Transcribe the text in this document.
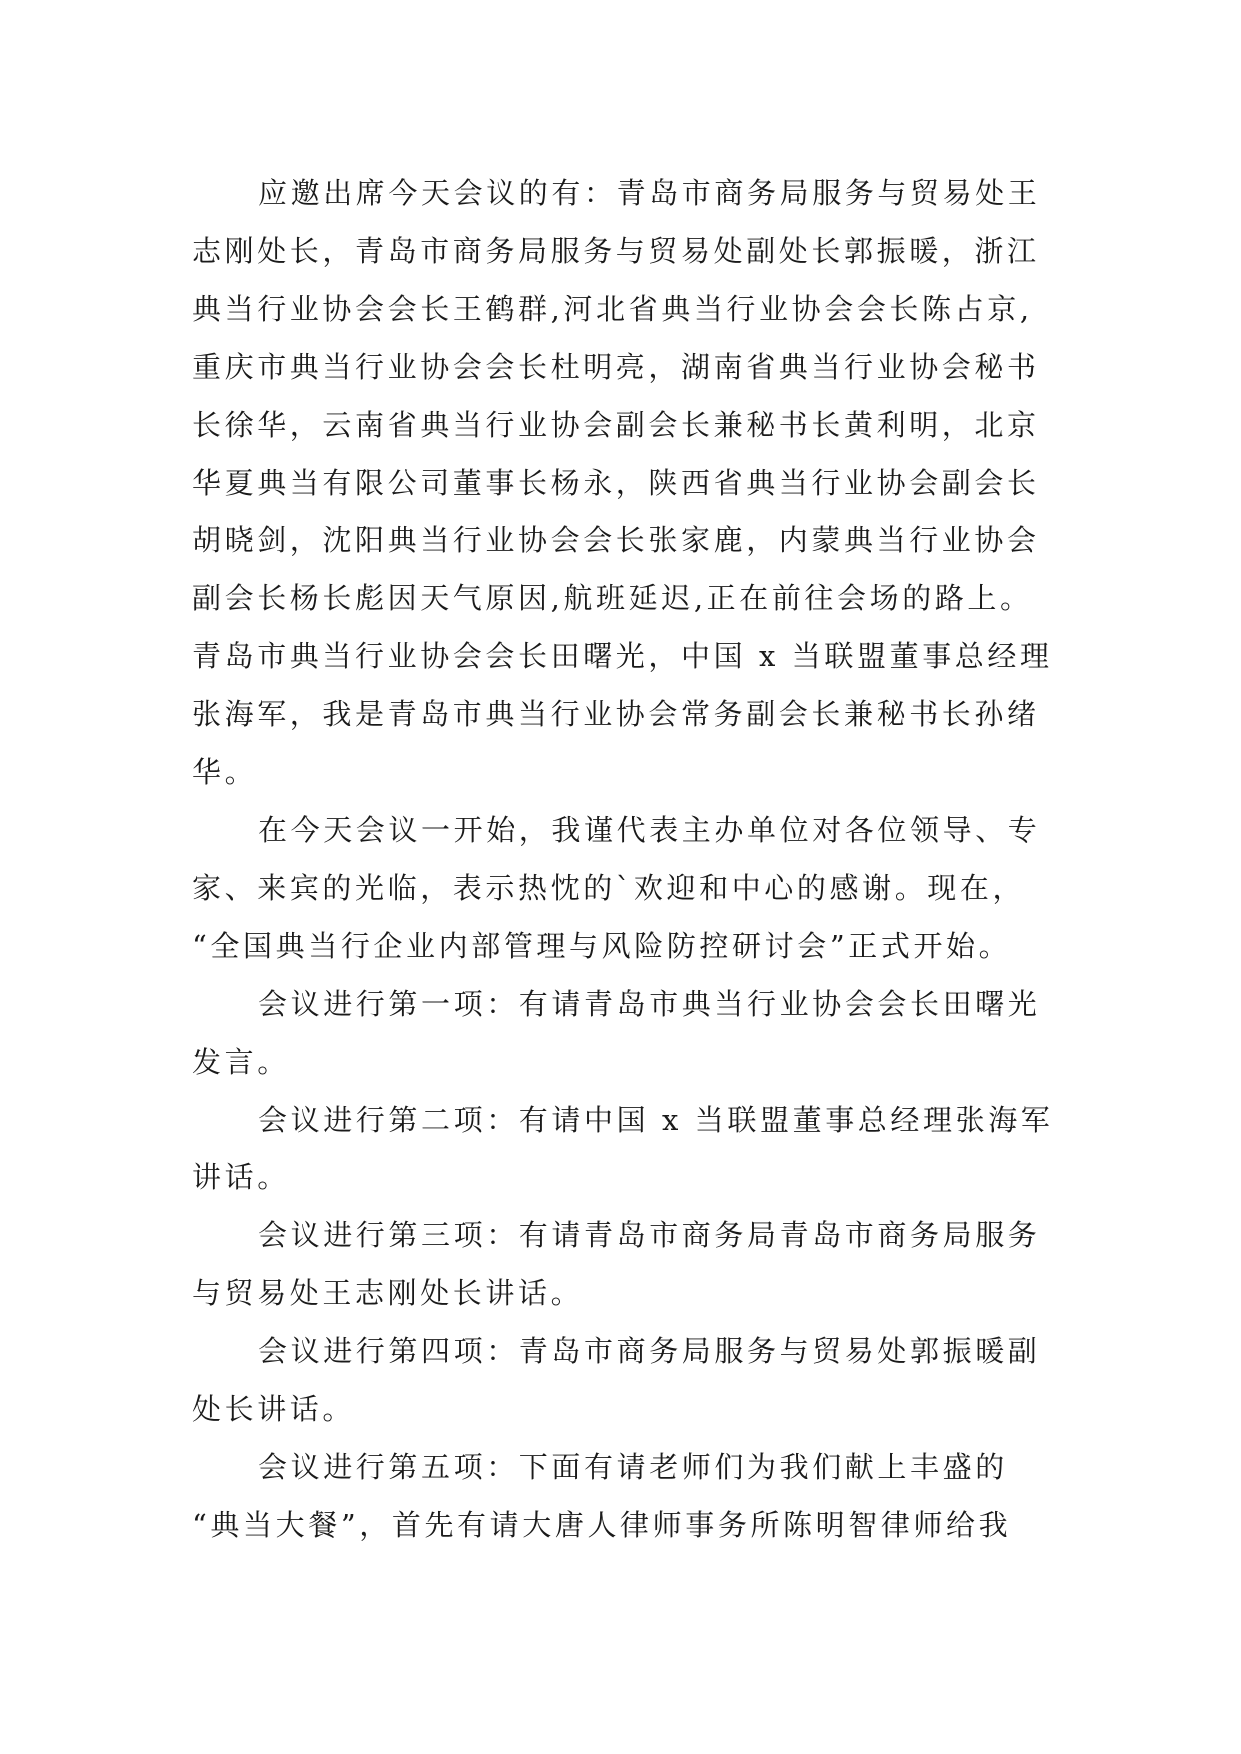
应邀出席今天会议的有：青岛市商务局服务与贸易处王
志刚处长，青岛市商务局服务与贸易处副处长郭振暖，浙江
典当行业协会会长王鹤群,河北省典当行业协会会长陈占京,
重庆市典当行业协会会长杜明亮，湖南省典当行业协会秘书
长徐华，云南省典当行业协会副会长兼秘书长黄利明，北京
华夏典当有限公司董事长杨永，陕西省典当行业协会副会长
胡晓剑，沈阳典当行业协会会长张家鹿，内蒙典当行业协会
副会长杨长彪因天气原因,航班延迟,正在前往会场的路上。
青岛市典当行业协会会长田曙光，中国 x 当联盟董事总经理
张海军，我是青岛市典当行业协会常务副会长兼秘书长孙绪
华。
在今天会议一开始，我谨代表主办单位对各位领导、专
家、来宾的光临，表示热忱的`欢迎和中心的感谢。现在，
“全国典当行企业内部管理与风险防控研讨会”正式开始。
会议进行第一项：有请青岛市典当行业协会会长田曙光
发言。
会议进行第二项：有请中国 x 当联盟董事总经理张海军
讲话。
会议进行第三项：有请青岛市商务局青岛市商务局服务
与贸易处王志刚处长讲话。
会议进行第四项：青岛市商务局服务与贸易处郭振暖副
处长讲话。
会议进行第五项：下面有请老师们为我们献上丰盛的
“典当大餐”，首先有请大唐人律师事务所陈明智律师给我
